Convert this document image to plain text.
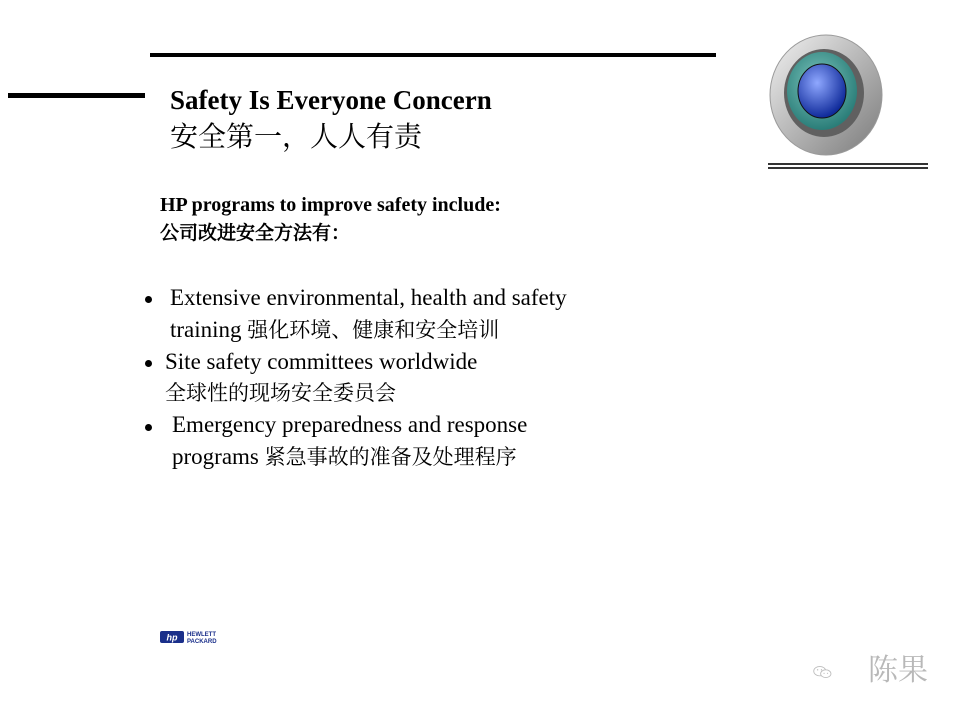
Safety Is Everyone Concern
安全第一，人人有责
HP programs to improve safety include:
公司改进安全方法有：
Extensive environmental, health and safety
training 强化环境、健康和安全培训
Site safety committees worldwide
全球性的现场安全委员会
Emergency preparedness and response
programs 紧急事故的准备及处理程序
hp HEWLETT
PACKARD
陈果
